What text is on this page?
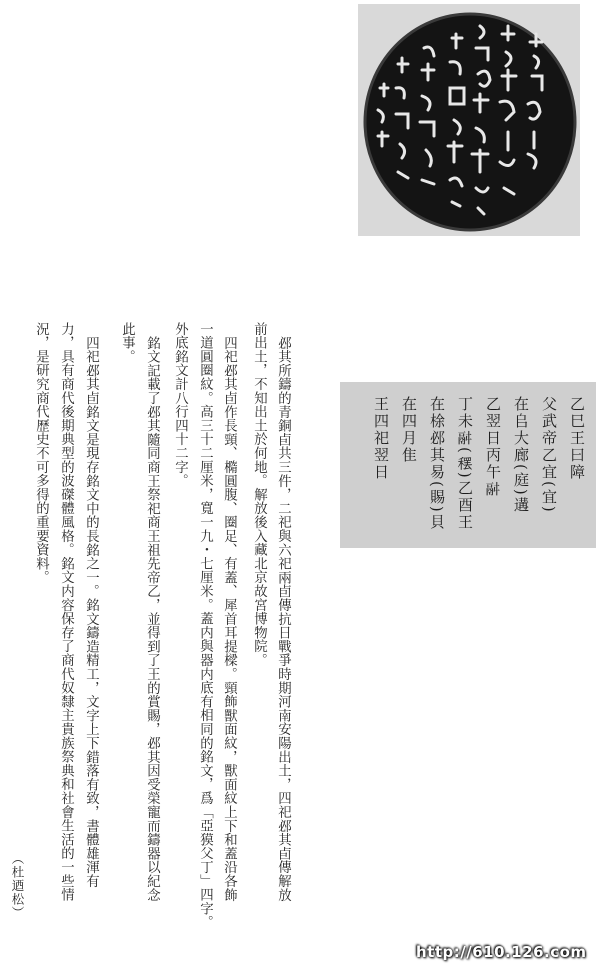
乙巳王曰障
父武帝乙宜(宜)
在𠂤大廊(庭)遘
乙翌日丙午𩰫
丁未𩰫(𫁂)乙酉王
在梌邲其易(賜)貝
在四月隹
王四祀翌日
邲其所鑄的青銅卣共三件，二祀與六祀兩卣傳抗日戰爭時期河南安陽出土，四祀邲其卣傳解放
前出土，不知出土於何地。解放後入藏北京故宮博物院。
四祀邲其卣作長頸、橢圓腹、圈足、有蓋、犀首耳提樑。頸飾獸面紋，獸面紋上下和蓋沿各飾
一道圓圈紋。高三十二厘米，寬一九・七厘米。蓋内與器内底有相同的銘文，爲「亞獏父丁」四字。
外底銘文計八行四十二字。
銘文記載了邲其隨同商王祭祀商王祖先帝乙，並得到了王的賞賜，邲其因受榮寵而鑄器以紀念
此事。
四祀邲其卣銘文是現存銘文中的長銘之一。銘文鑄造精工，文字上下錯落有致，書體雄渾有
力，具有商代後期典型的波磔體風格。銘文内容保存了商代奴隸主貴族祭典和社會生活的一些情
況，是研究商代歷史不可多得的重要資料。
（杜迺松）
http://610.126.com
